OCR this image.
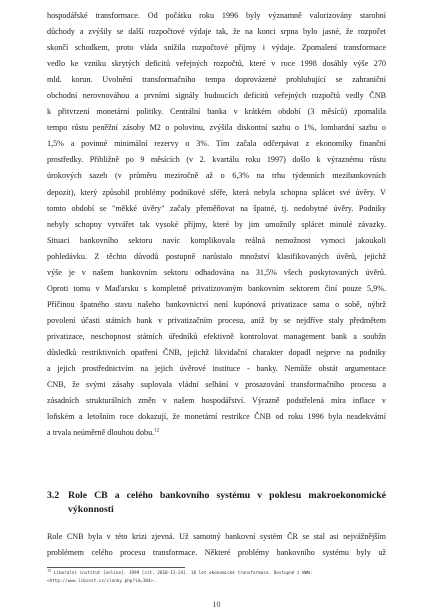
hospodářské transformace. Od počátku roku 1996 byly významně valorizovány starobní
důchody a zvýšily se další rozpočtové výdaje tak, že na konci srpna bylo jasné, že rozpočet
skončí schodkem, proto vláda snížila rozpočtové příjmy i výdaje. Zpomalení transformace
vedlo ke vzniku skrytých deficitů veřejných rozpočtů, které v roce 1998 dosáhly výše 270
mld. korun. Uvolnění transformačního tempa doprovázené prohlubující se zahraniční
obchodní nerovnováhou a prvními signály budoucích deficitů veřejných rozpočtů vedly ČNB
k přitvrzení monetární politiky. Centrální banka v krátkém období (3 měsíců) zpomalila
tempo růstu peněžní zásoby M2 o polovinu, zvýšila diskontní sazbu o 1%, lombardní sazbu o
1,5% a povinné minimální rezervy o 3%. Tím začala odčerpávat z ekonomiky finanční
prostředky. Přibližně po 9 měsících (v 2. kvartálu roku 1997) došlo k výraznému růstu
úrokových sazeb (v průměru meziročně až o 6,3% na trhu týdenních mezibankovních
depozit), který způsobil problémy podnikové sféře, která nebyla schopna splácet své úvěry. V
tomto období se "měkké úvěry" začaly přeměňovat na špatné, tj. nedobytné úvěry. Podniky
nebyly schopny vytvářet tak vysoké příjmy, které by jim umožnily splácet minulé závazky.
Situaci bankovního sektoru navíc komplikovala reálná nemožnost vymoci jakoukoli
pohledávku. Z těchto důvodů postupně narůstalo množství klasifikovaných úvěrů, jejichž
výše je v našem bankovním sektoru odhadována na 31,5% všech poskytovaných úvěrů.
Oproti tomu v Maďarsku s kompletně privatizovaným bankovním sektorem činí pouze 5,9%.
Příčinou špatného stavu našeho bankovnictví není kupónová privatizace sama o sobě, nýbrž
povolení účasti státních bank v privatizačním procesu, aniž by se nejdříve staly předmětem
privatizace, neschopnost státních úředníků efektivně kontrolovat management bank a soubžn
důsledků restriktivních opatření ČNB, jejichž likvidační charakter dopadl nejprve na podniky
a jejich prostřednictvím na jejich úvěrové instituce - banky. Nemůže obstát argumentace
CNB, že svými zásahy suplovala vládní selhání v prosazování transformačního procesu a
zásadních strukturálních změn v našem hospodářství. Výrazně podstřelená míra inflace v
loňském a letošním roce dokazují, že monetární restrikce ČNB od roku 1996 byla neadekvátní
a trvala neúměrně dlouhou dobu.$^{12}$
3.2 Role CB a celého bankovního systému v poklesu makroekonomické
výkonnosti
Role CNB byla v této krizi zjevná. Už samotný bankovní systém ČR se stal asi nejvážnějším
problémem celého procesu transformace. Některé problémy bankovního systému byly už
$^{12}$ Liberální institut [online]. 1999 [cit. 2010-11-24]. 10 let ekonomické transformace. Dostupné z WWW:
<http://www.libinst.cz/clanky.php?id=104>.
10
